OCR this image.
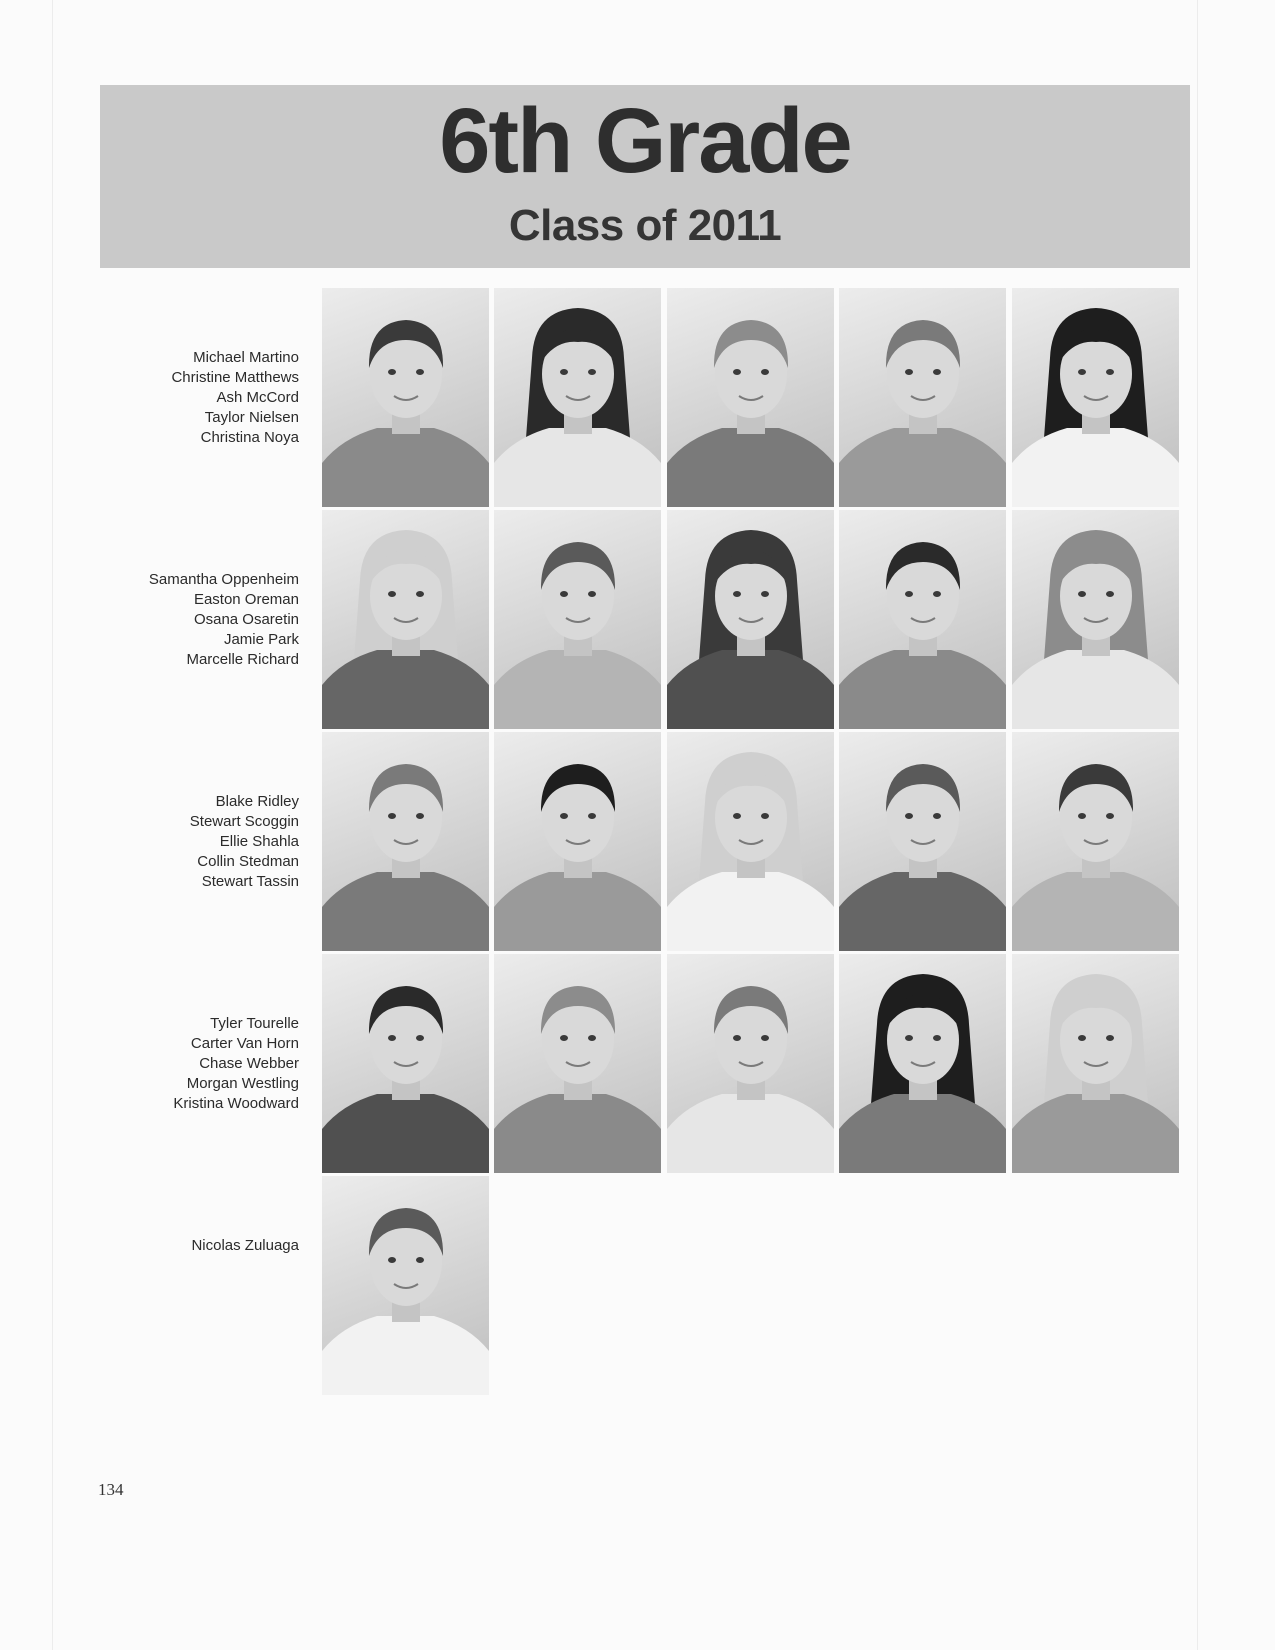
6th Grade
Class of 2011
Michael Martino
Christine Matthews
Ash McCord
Taylor Nielsen
Christina Noya
Samantha Oppenheim
Easton Oreman
Osana Osaretin
Jamie Park
Marcelle Richard
Blake Ridley
Stewart Scoggin
Ellie Shahla
Collin Stedman
Stewart Tassin
Tyler Tourelle
Carter Van Horn
Chase Webber
Morgan Westling
Kristina Woodward
Nicolas Zuluaga
134
